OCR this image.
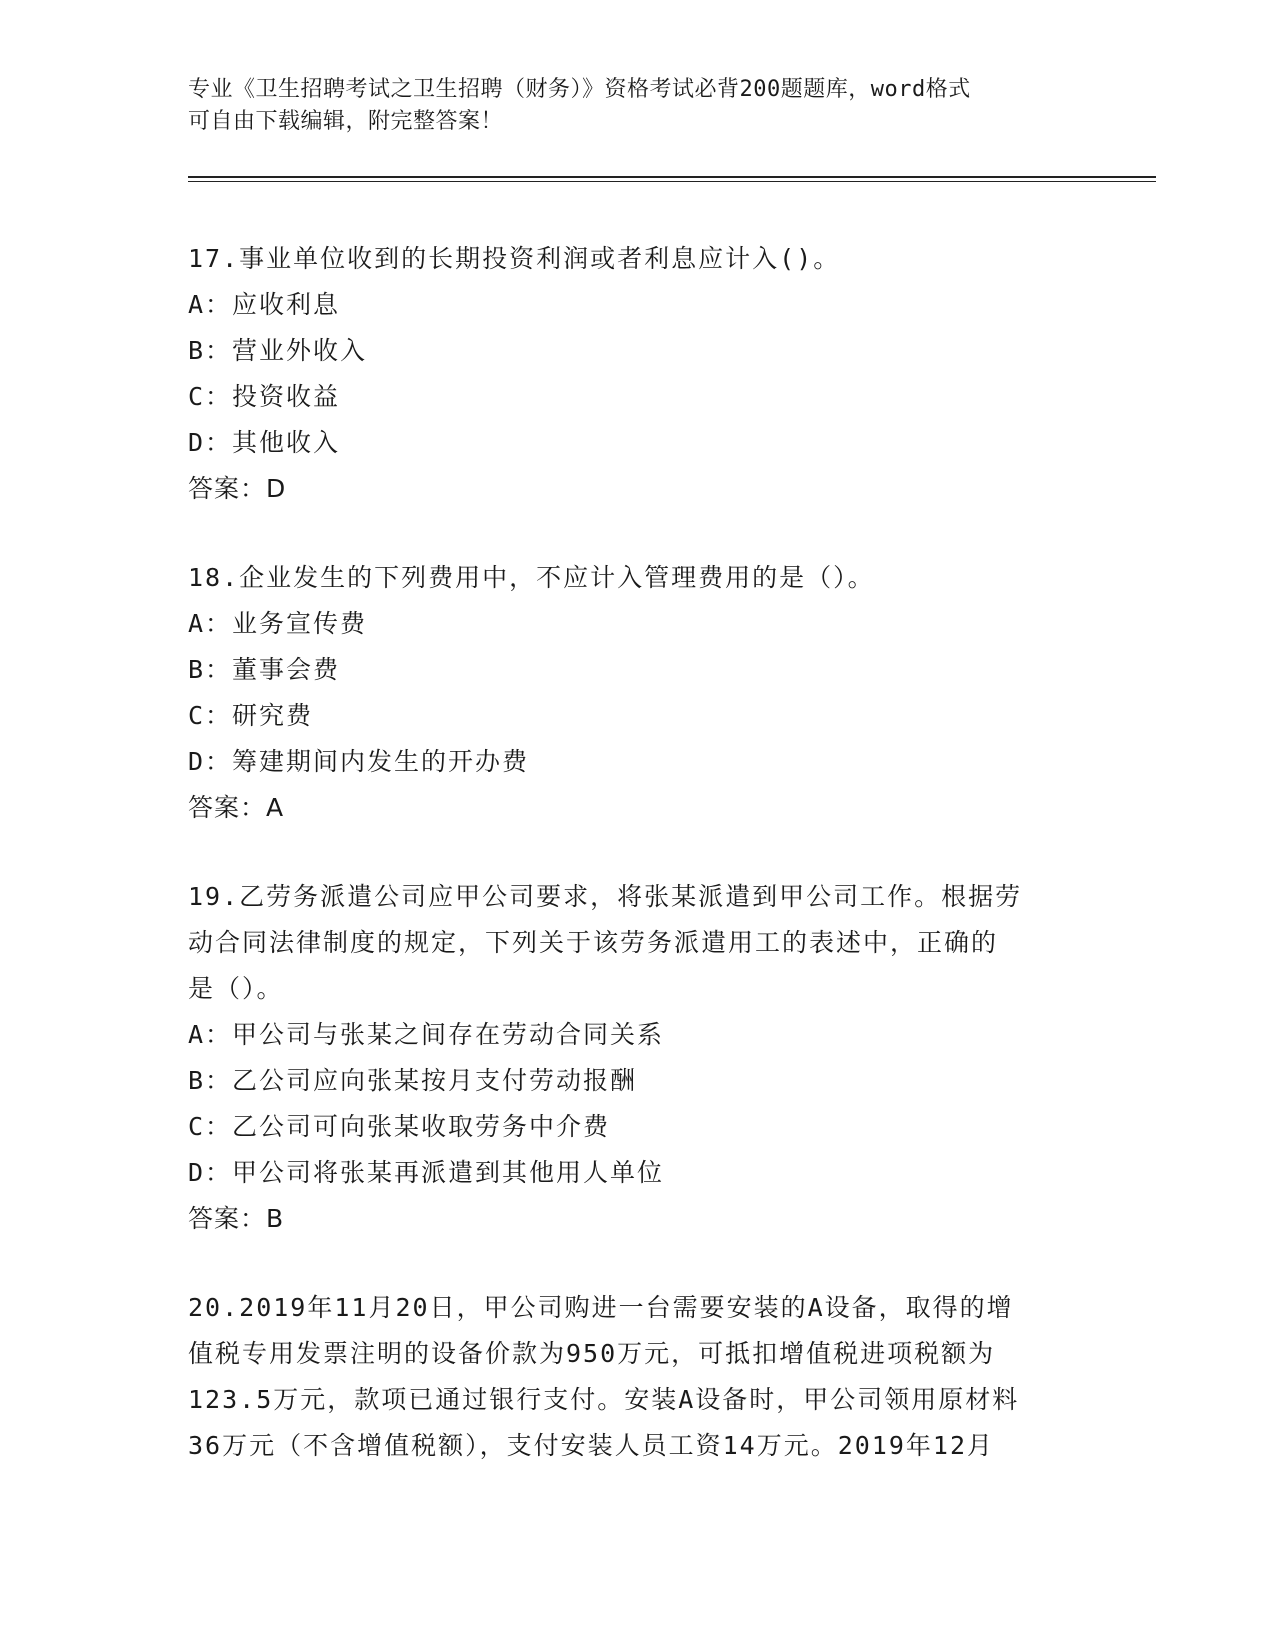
专业《卫生招聘考试之卫生招聘（财务）》资格考试必背200题题库，word格式
可自由下载编辑，附完整答案！

17.事业单位收到的长期投资利润或者利息应计入()。

A：应收利息

B：营业外收入

C：投资收益

D：其他收入

答案：D

18.企业发生的下列费用中，不应计入管理费用的是（）。

A：业务宣传费

B：董事会费

C：研究费

D：筹建期间内发生的开办费

答案：A

19.乙劳务派遣公司应甲公司要求，将张某派遣到甲公司工作。根据劳

动合同法律制度的规定，下列关于该劳务派遣用工的表述中，正确的

是（）。

A：甲公司与张某之间存在劳动合同关系

B：乙公司应向张某按月支付劳动报酬

C：乙公司可向张某收取劳务中介费

D：甲公司将张某再派遣到其他用人单位

答案：B

20.2019年11月20日，甲公司购进一台需要安装的A设备，取得的增

值税专用发票注明的设备价款为950万元，可抵扣增值税进项税额为

123.5万元，款项已通过银行支付。安装A设备时，甲公司领用原材料

36万元（不含增值税额），支付安装人员工资14万元。2019年12月
